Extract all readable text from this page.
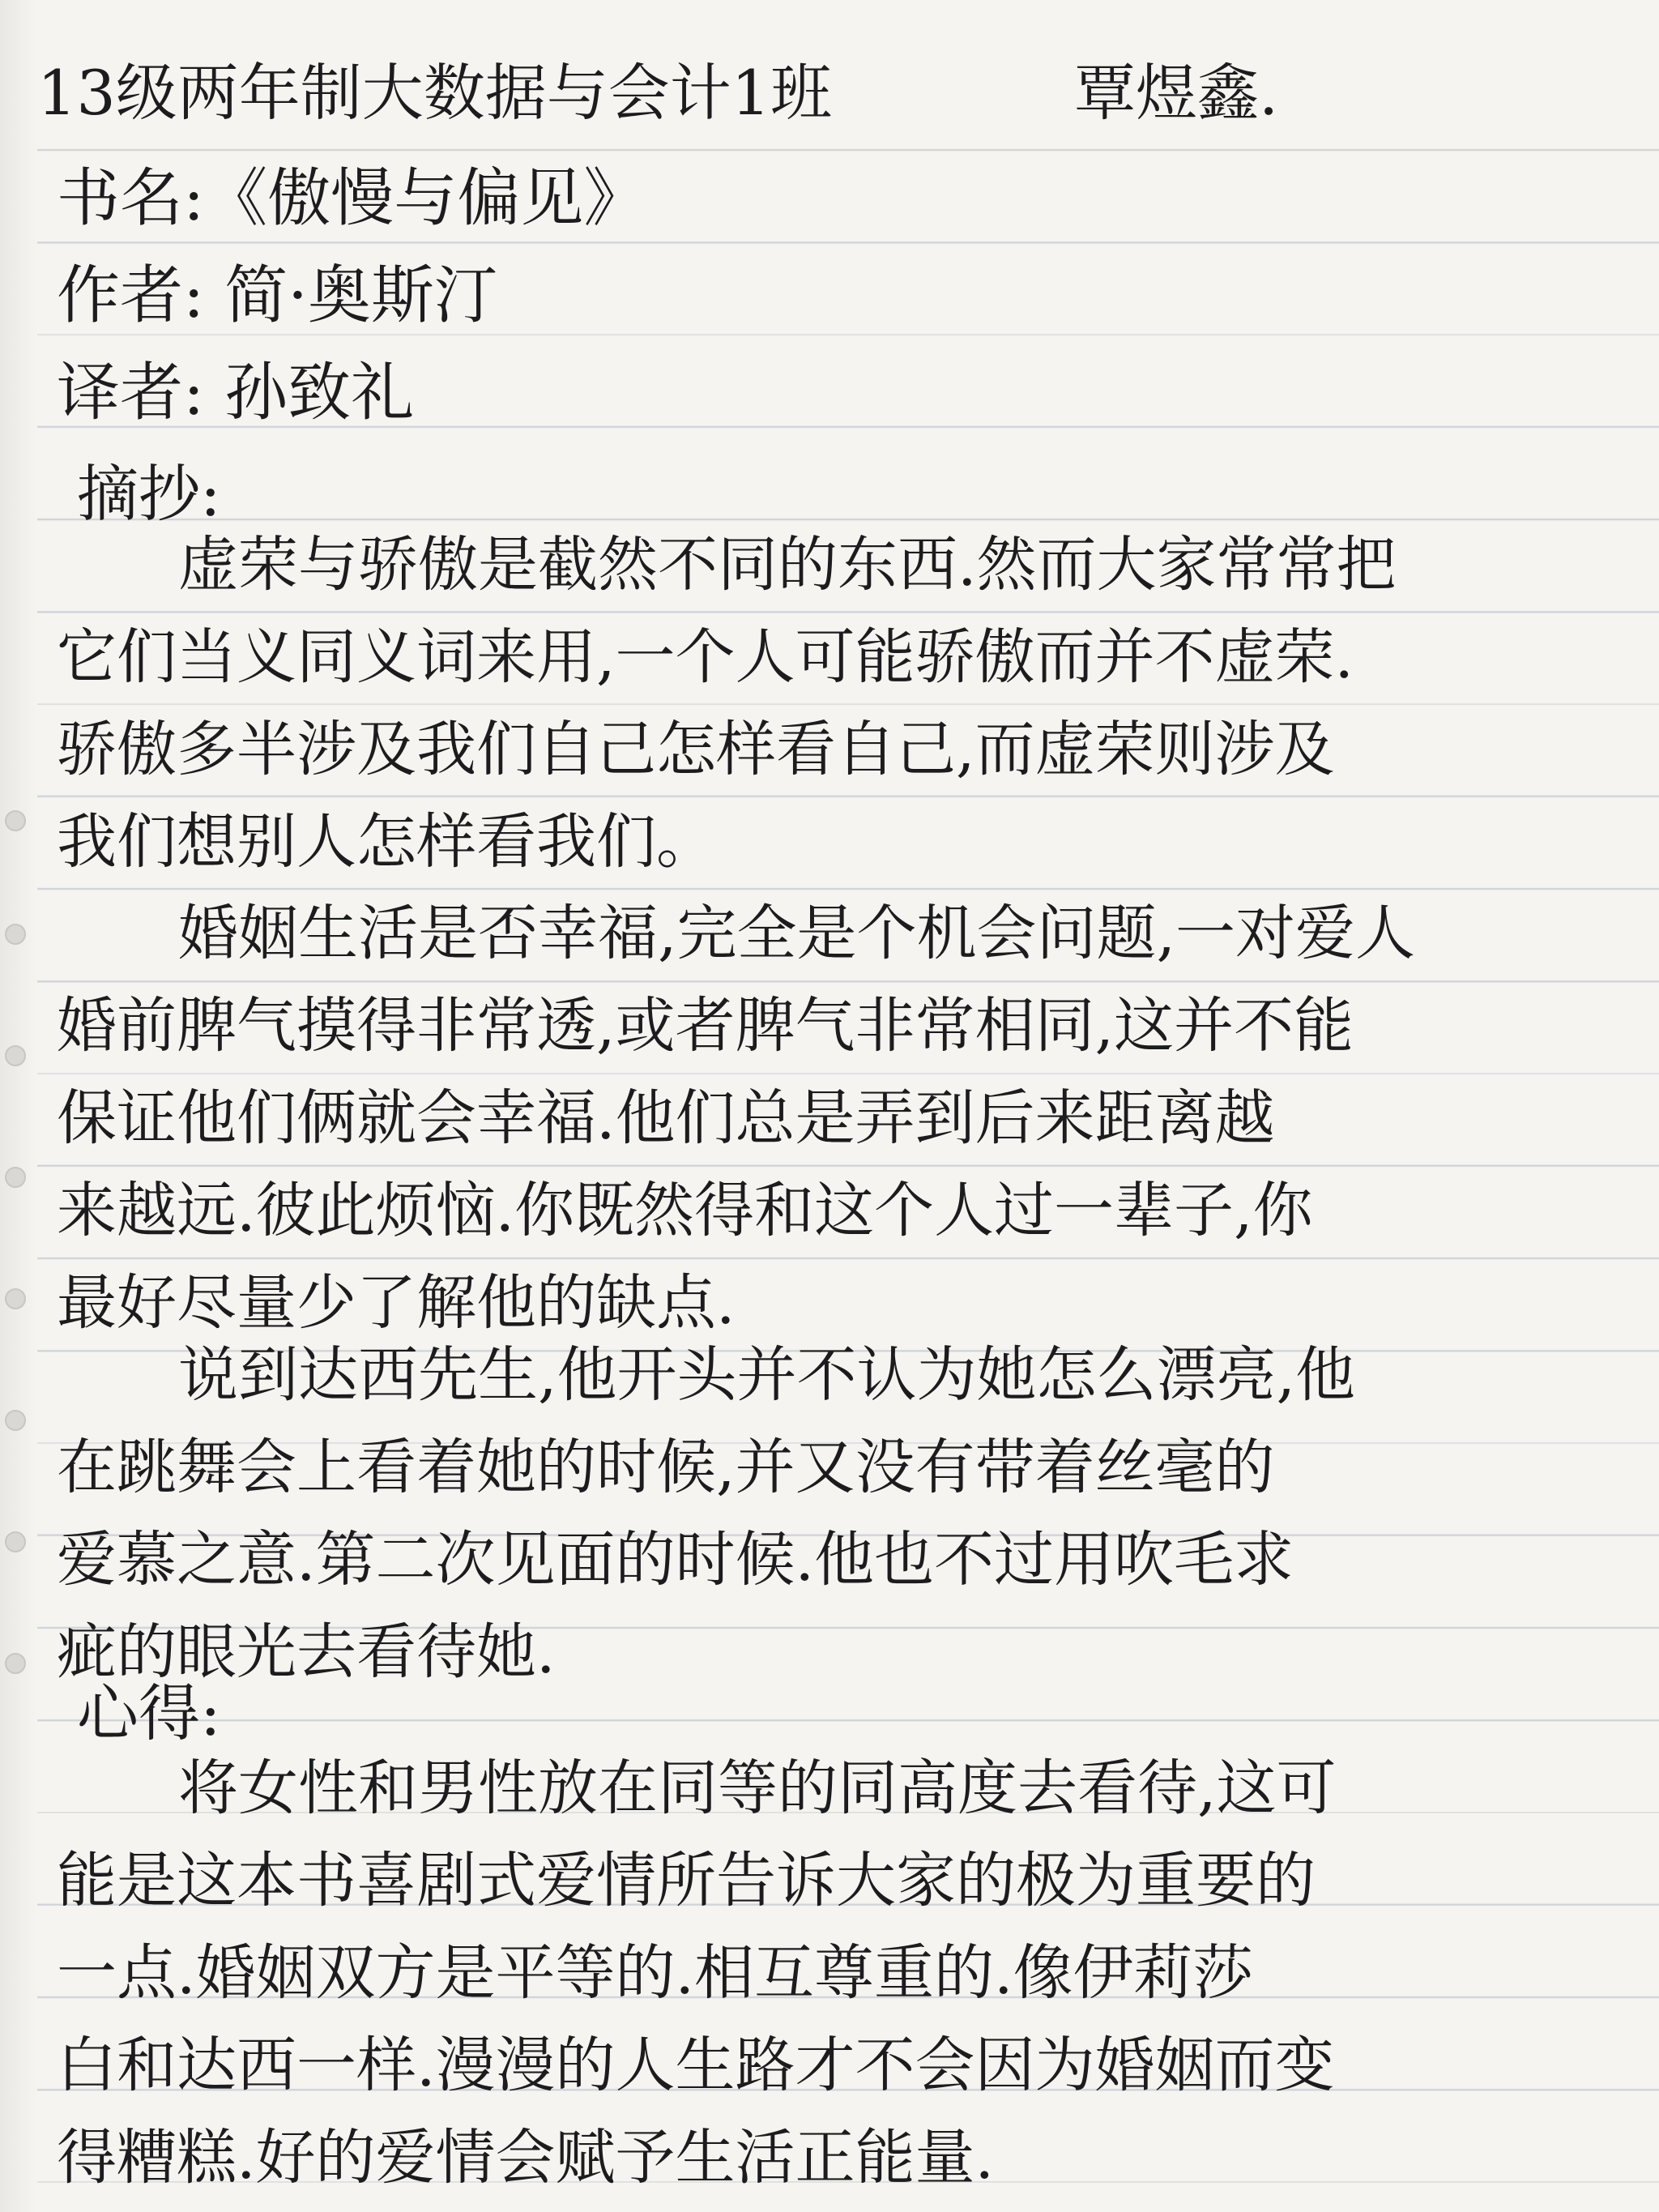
13级两年制大数据与会计1班	覃煜鑫.
书名:《傲慢与偏见》
作者: 简·奥斯汀
译者: 孙致礼
摘抄:
虚荣与骄傲是截然不同的东西.然而大家常常把
它们当义同义词来用,一个人可能骄傲而并不虚荣.
骄傲多半涉及我们自己怎样看自己,而虚荣则涉及
我们想别人怎样看我们。
婚姻生活是否幸福,完全是个机会问题,一对爱人
婚前脾气摸得非常透,或者脾气非常相同,这并不能
保证他们俩就会幸福.他们总是弄到后来距离越
来越远.彼此烦恼.你既然得和这个人过一辈子,你
最好尽量少了解他的缺点.
说到达西先生,他开头并不认为她怎么漂亮,他
在跳舞会上看着她的时候,并又没有带着丝毫的
爱慕之意.第二次见面的时候.他也不过用吹毛求
疵的眼光去看待她.
心得:
将女性和男性放在同等的同高度去看待,这可
能是这本书喜剧式爱情所告诉大家的极为重要的
一点.婚姻双方是平等的.相互尊重的.像伊莉莎
白和达西一样.漫漫的人生路才不会因为婚姻而变
得糟糕.好的爱情会赋予生活正能量.
